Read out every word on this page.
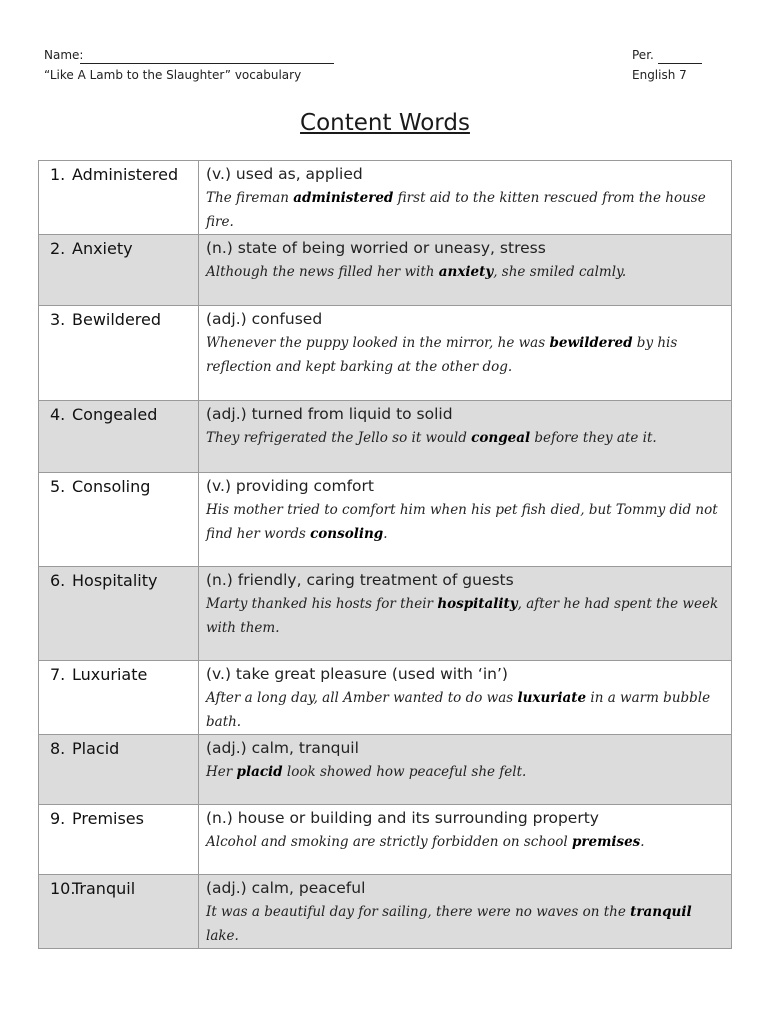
Name:
“Like A Lamb to the Slaughter” vocabulary
Per.
English 7
Content Words
1. Administered	(v.) used as, applied
The fireman administered first aid to the kitten rescued from the house fire.

2. Anxiety	(n.) state of being worried or uneasy, stress
Although the news filled her with anxiety, she smiled calmly.

3. Bewildered	(adj.) confused
Whenever the puppy looked in the mirror, he was bewildered by his reflection and kept barking at the other dog.

4. Congealed	(adj.) turned from liquid to solid
They refrigerated the Jello so it would congeal before they ate it.

5. Consoling	(v.) providing comfort
His mother tried to comfort him when his pet fish died, but Tommy did not find her words consoling.

6. Hospitality	(n.) friendly, caring treatment of guests
Marty thanked his hosts for their hospitality, after he had spent the week with them.

7. Luxuriate	(v.) take great pleasure (used with ‘in’)
After a long day, all Amber wanted to do was luxuriate in a warm bubble bath.

8. Placid	(adj.) calm, tranquil
Her placid look showed how peaceful she felt.

9. Premises	(n.) house or building and its surrounding property
Alcohol and smoking are strictly forbidden on school premises.

10.Tranquil	(adj.) calm, peaceful
It was a beautiful day for sailing, there were no waves on the tranquil lake.
